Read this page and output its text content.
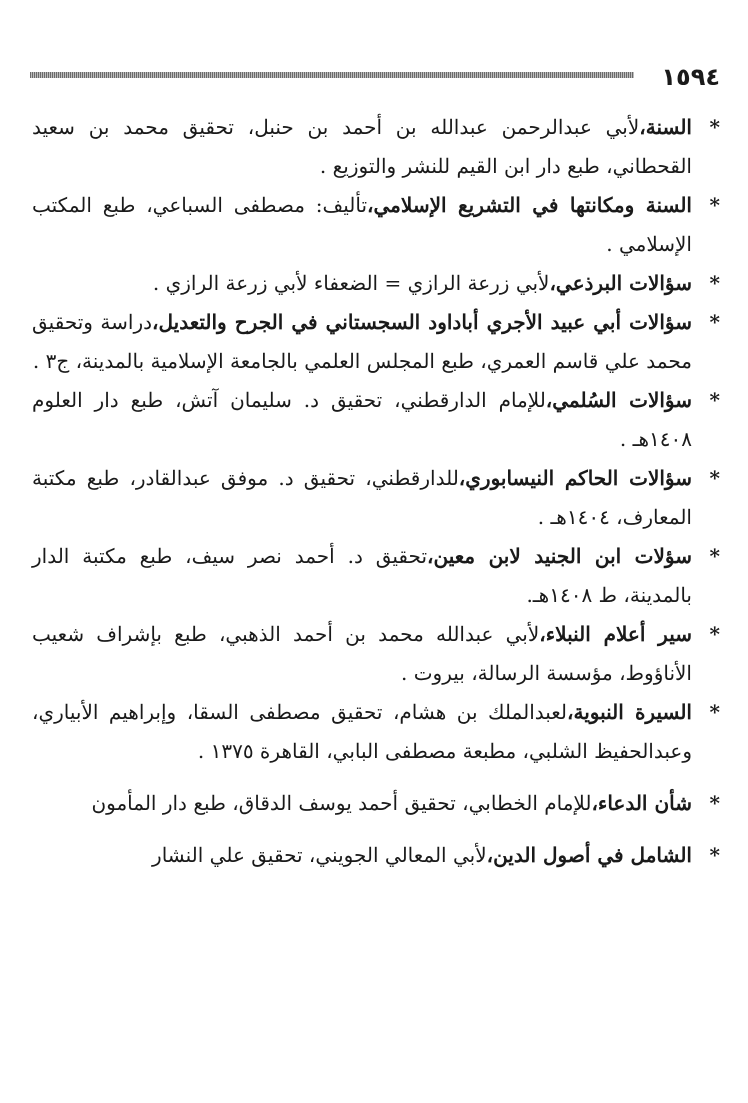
١٥٩٤
*
السنة،لأبي عبدالرحمن عبدالله بن أحمد بن حنبل، تحقيق محمد بن سعيد القحطاني، طبع دار ابن القيم للنشر والتوزيع .
*
السنة ومكانتها في التشريع الإسلامي،تأليف: مصطفى السباعي، طبع المكتب الإسلامي .
*
سؤالات البرذعي،لأبي زرعة الرازي = الضعفاء لأبي زرعة الرازي .
*
سؤالات أبي عبيد الأجري أباداود السجستاني في الجرح والتعديل،دراسة وتحقيق محمد علي قاسم العمري، طبع المجلس العلمي بالجامعة الإسلامية بالمدينة، ج٣ .
*
سؤالات السُلمي،للإمام الدارقطني، تحقيق د. سليمان آتش، طبع دار العلوم ١٤٠٨هـ .
*
سؤالات الحاكم النيسابوري،للدارقطني، تحقيق د. موفق عبدالقادر، طبع مكتبة المعارف، ١٤٠٤هـ .
*
سؤلات ابن الجنيد لابن معين،تحقيق د. أحمد نصر سيف، طبع مكتبة الدار بالمدينة، ط ١٤٠٨هـ.
*
سير أعلام النبلاء،لأبي عبدالله محمد بن أحمد الذهبي، طبع بإشراف شعيب الأناؤوط، مؤسسة الرسالة، بيروت .
*
السيرة النبوية،لعبدالملك بن هشام، تحقيق مصطفى السقا، وإبراهيم الأبياري، وعبدالحفيظ الشلبي، مطبعة مصطفى البابي، القاهرة ١٣٧٥ .
*
شأن الدعاء،للإمام الخطابي، تحقيق أحمد يوسف الدقاق، طبع دار المأمون
*
الشامل في أصول الدين،لأبي المعالي الجويني، تحقيق علي النشار
